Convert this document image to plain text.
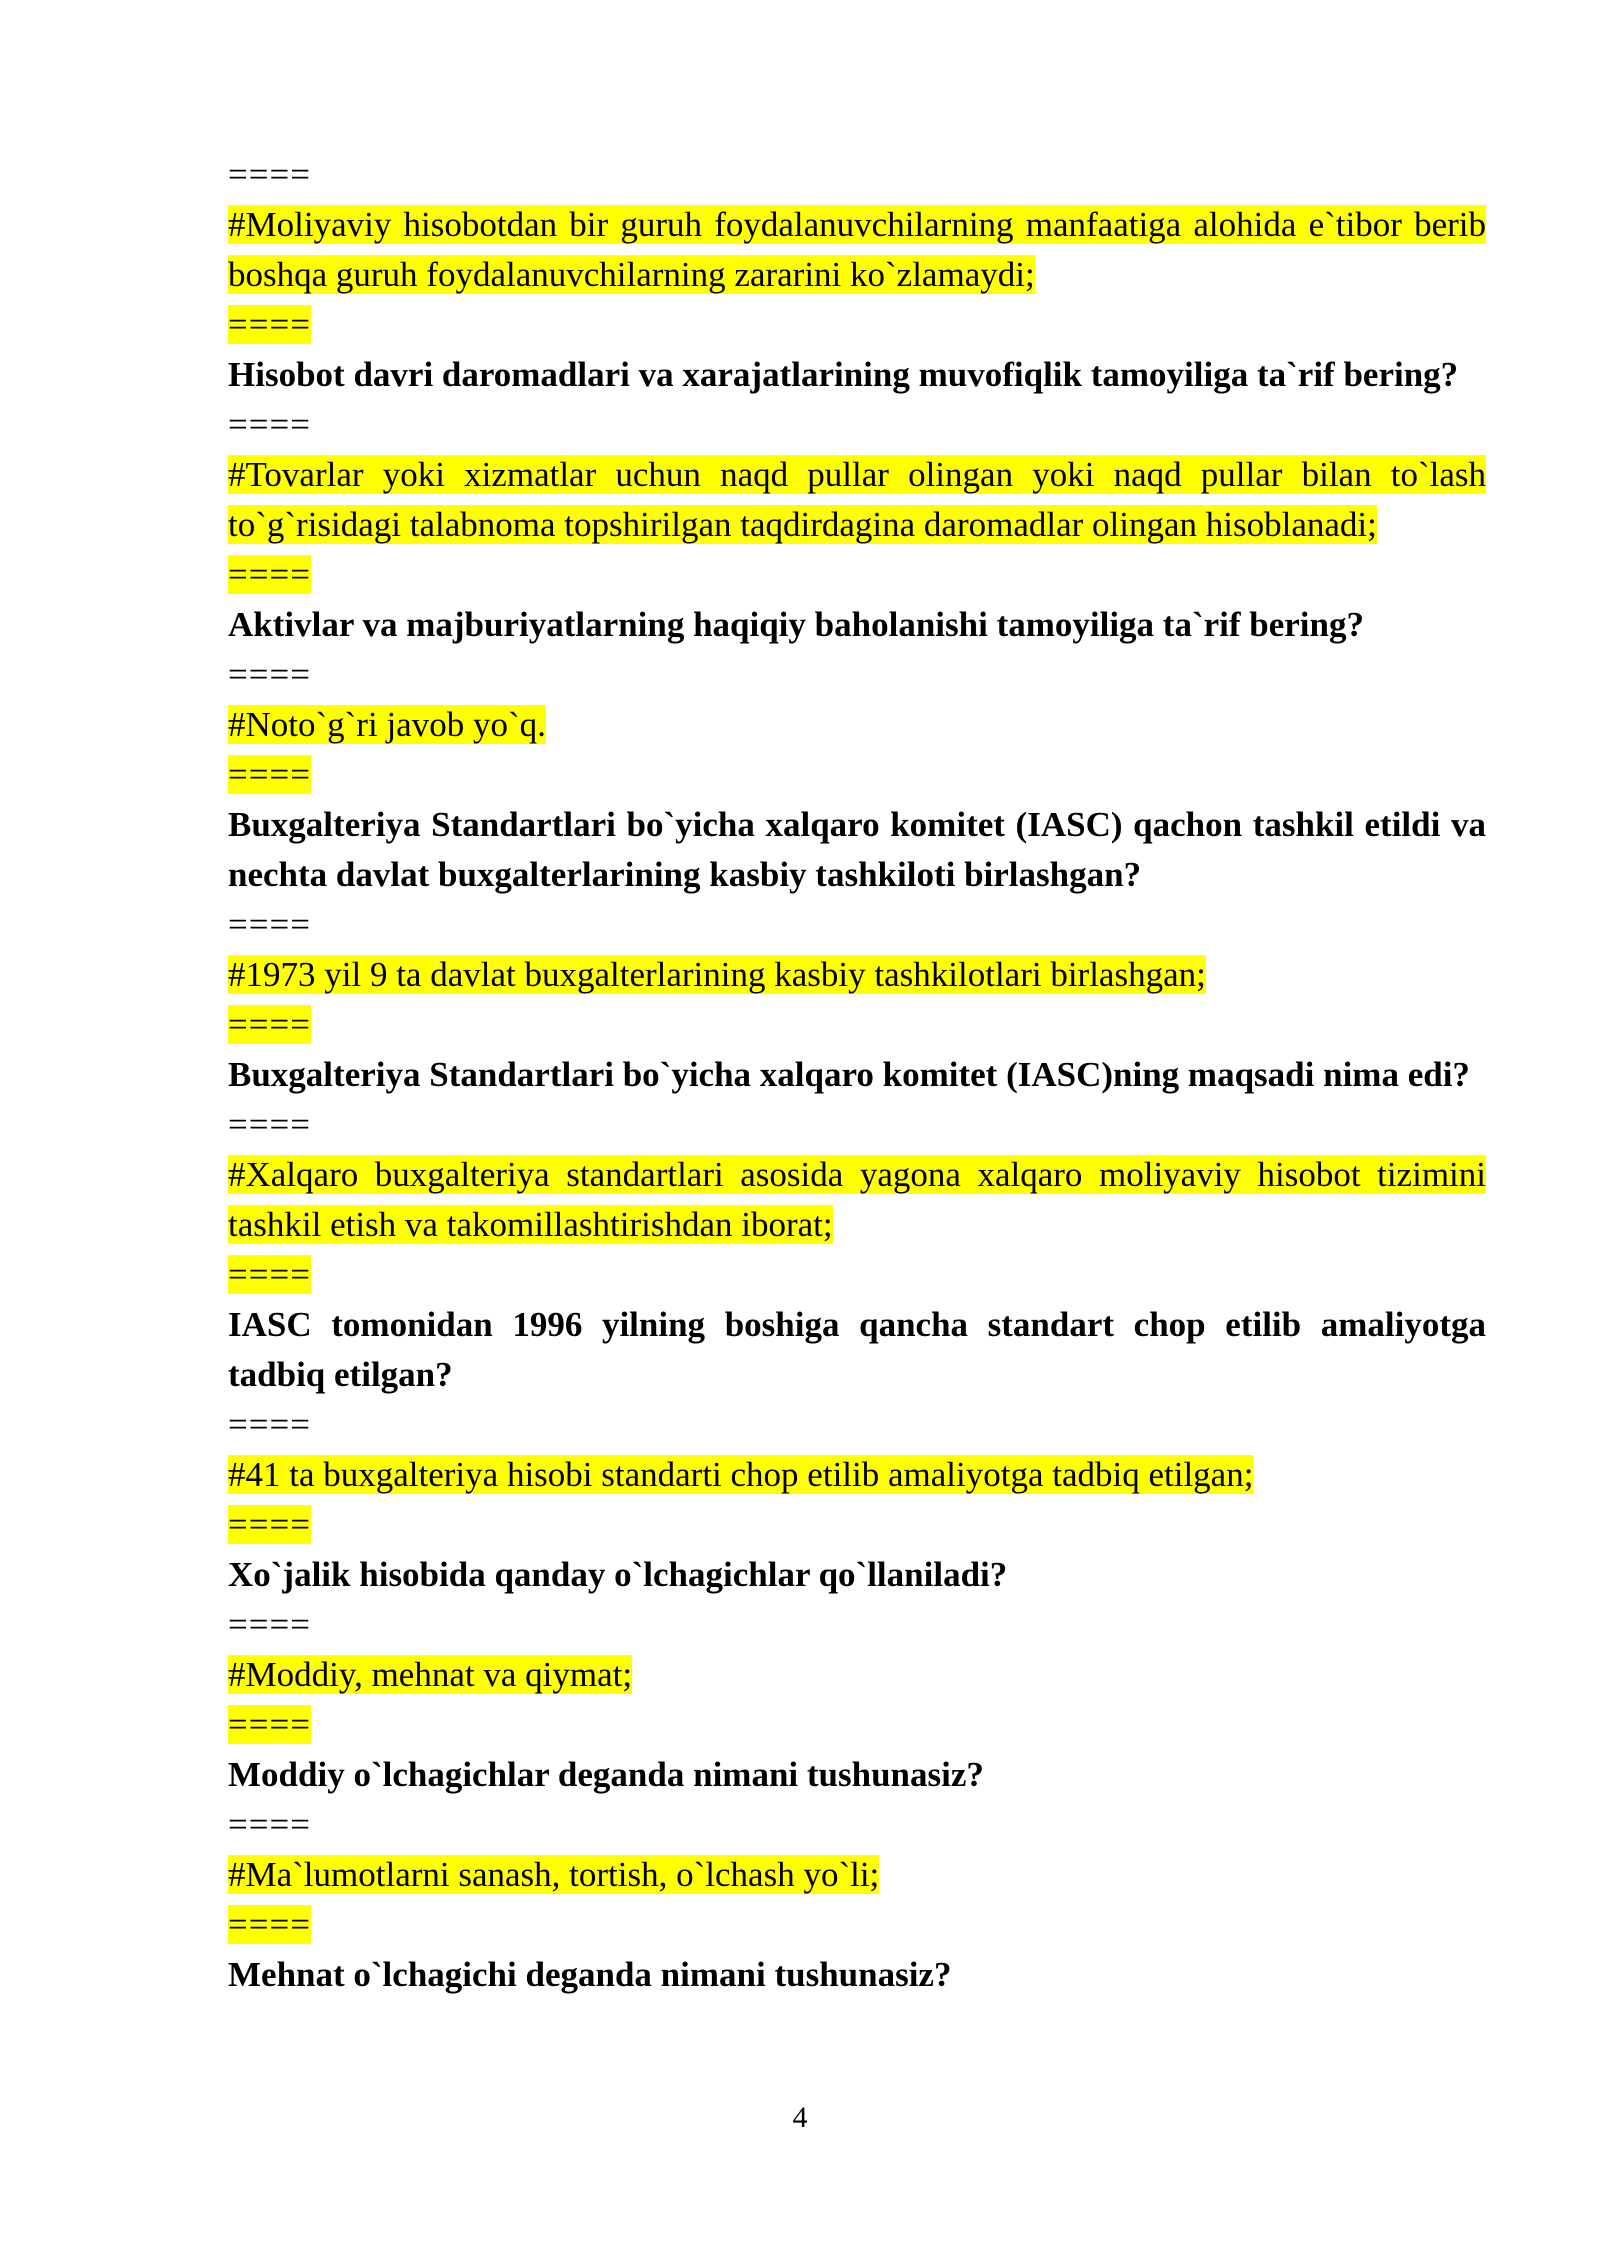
====

#Moliyaviy hisobotdan bir guruh foydalanuvchilarning manfaatiga alohida e`tibor berib boshqa guruh foydalanuvchilarning zararini ko`zlamaydi;

====

Hisobot davri daromadlari va xarajatlarining muvofiqlik tamoyiliga ta`rif bering?

====

#Tovarlar yoki xizmatlar uchun naqd pullar olingan yoki naqd pullar bilan to`lash to`g`risidagi talabnoma topshirilgan taqdirdagina daromadlar olingan hisoblanadi;

====

Aktivlar va majburiyatlarning haqiqiy baholanishi tamoyiliga ta`rif bering?

====

#Noto`g`ri javob yo`q.

====

Buxgalteriya Standartlari bo`yicha xalqaro komitet (IASC) qachon tashkil etildi va nechta davlat buxgalterlarining kasbiy tashkiloti birlashgan?

====

#1973 yil 9 ta davlat buxgalterlarining kasbiy tashkilotlari birlashgan;

====

Buxgalteriya Standartlari bo`yicha xalqaro komitet (IASC)ning maqsadi nima edi?

====

#Xalqaro buxgalteriya standartlari asosida yagona xalqaro moliyaviy hisobot tizimini tashkil etish va takomillashtirishdan iborat;

====

IASC tomonidan 1996 yilning boshiga qancha standart chop etilib amaliyotga tadbiq etilgan?

====

#41 ta buxgalteriya hisobi standarti chop etilib amaliyotga tadbiq etilgan;

====

Xo`jalik hisobida qanday o`lchagichlar qo`llaniladi?

====

#Moddiy, mehnat va qiymat;

====

Moddiy o`lchagichlar deganda nimani tushunasiz?

====

#Ma`lumotlarni sanash, tortish, o`lchash yo`li;

====

Mehnat o`lchagichi deganda nimani tushunasiz?

4
